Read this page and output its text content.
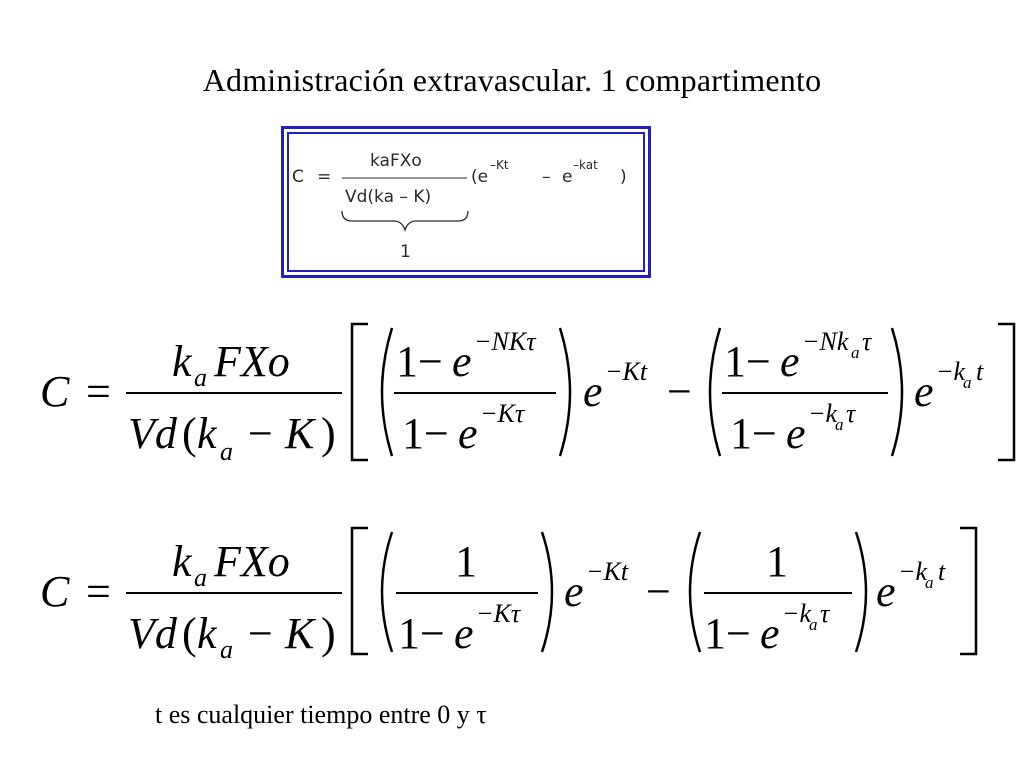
Administración extravascular. 1 compartimento
C =
kaFXo
Vd(ka – K)
(e
–Kt
– e
–kat
)
1
C =
k a FXo
Vd ( k a − K )
1− e −NKτ
1− e −Kτ e −Kt −
1− e −Nk a τ
1− e −k
a τ e −k
a t
C =
k a FXo
Vd ( k a − K )
1
1− e −Kτ e −Kt −
1
1− e −k
a τ e −k
a t
t es cualquier tiempo entre 0 y τ
